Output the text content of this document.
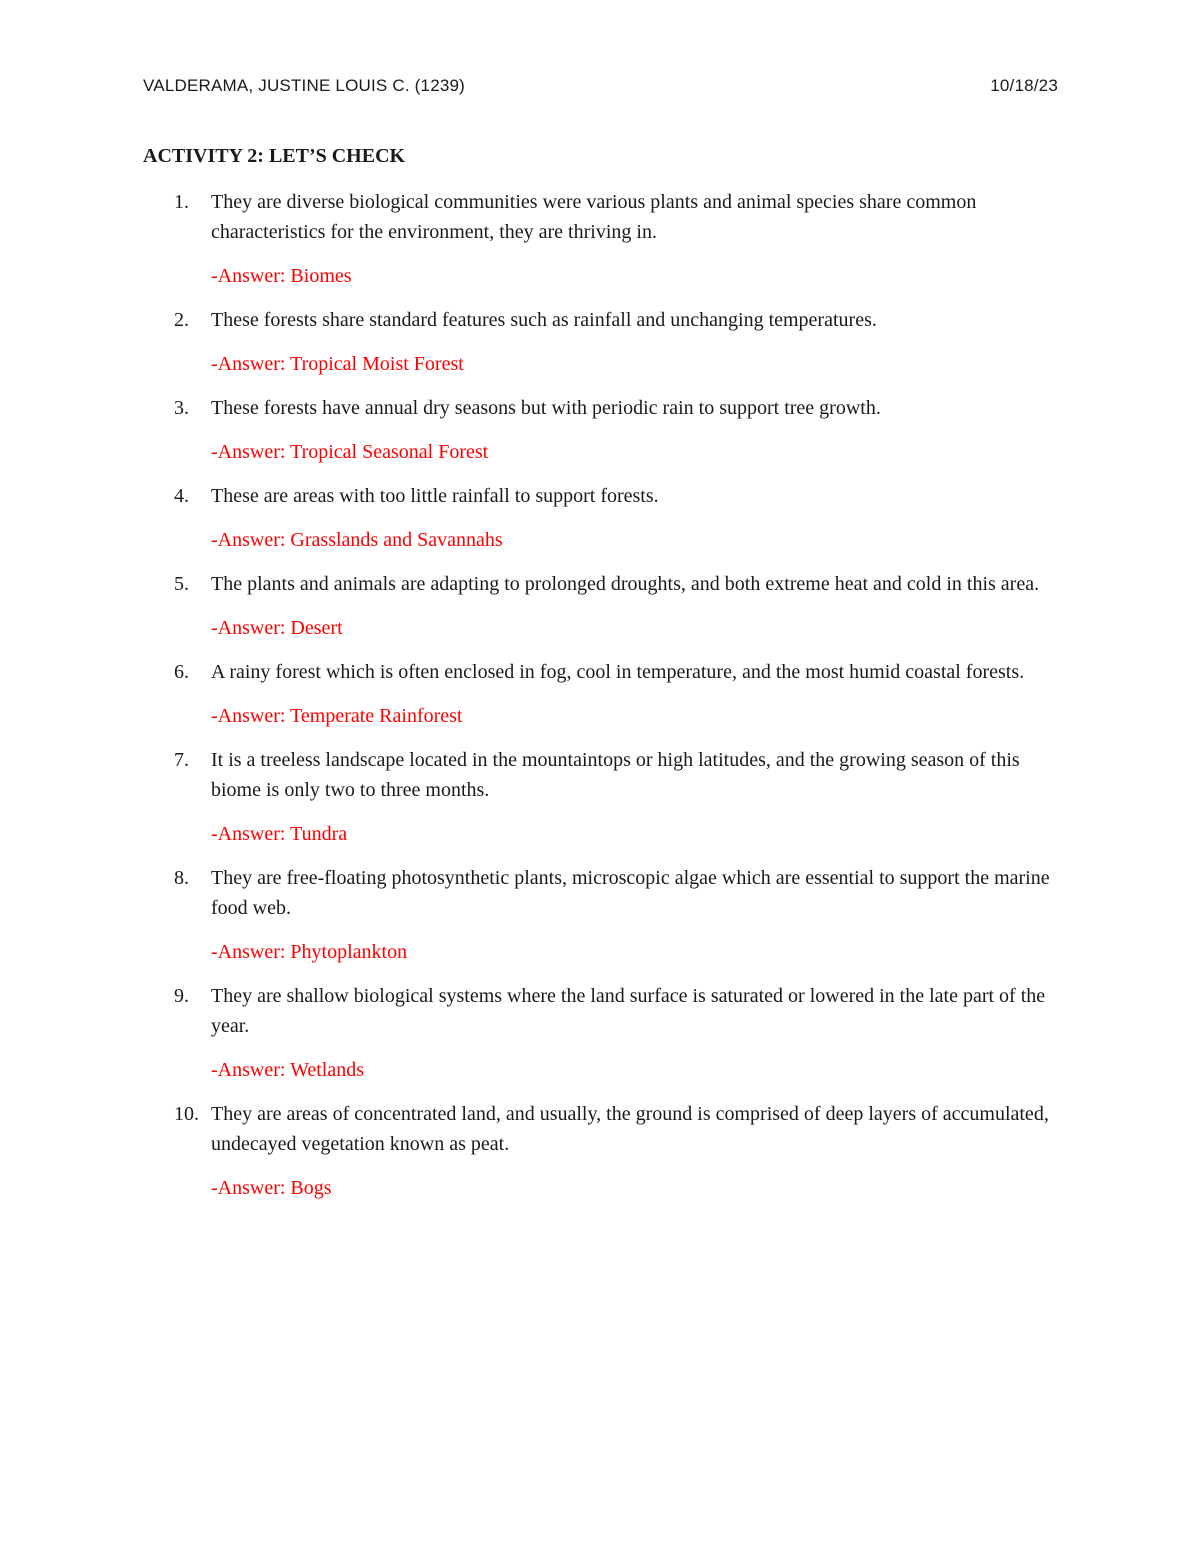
VALDERAMA, JUSTINE LOUIS C. (1239)	10/18/23
ACTIVITY 2: LET’S CHECK
1. They are diverse biological communities were various plants and animal species share common characteristics for the environment, they are thriving in.

-Answer: Biomes

2. These forests share standard features such as rainfall and unchanging temperatures.

-Answer: Tropical Moist Forest

3. These forests have annual dry seasons but with periodic rain to support tree growth.

-Answer: Tropical Seasonal Forest

4. These are areas with too little rainfall to support forests.

-Answer: Grasslands and Savannahs

5. The plants and animals are adapting to prolonged droughts, and both extreme heat and cold in this area.

-Answer: Desert

6. A rainy forest which is often enclosed in fog, cool in temperature, and the most humid coastal forests.

-Answer: Temperate Rainforest

7. It is a treeless landscape located in the mountaintops or high latitudes, and the growing season of this biome is only two to three months.

-Answer: Tundra

8. They are free-floating photosynthetic plants, microscopic algae which are essential to support the marine food web.

-Answer: Phytoplankton

9. They are shallow biological systems where the land surface is saturated or lowered in the late part of the year.

-Answer: Wetlands

10. They are areas of concentrated land, and usually, the ground is comprised of deep layers of accumulated, undecayed vegetation known as peat.

-Answer: Bogs
